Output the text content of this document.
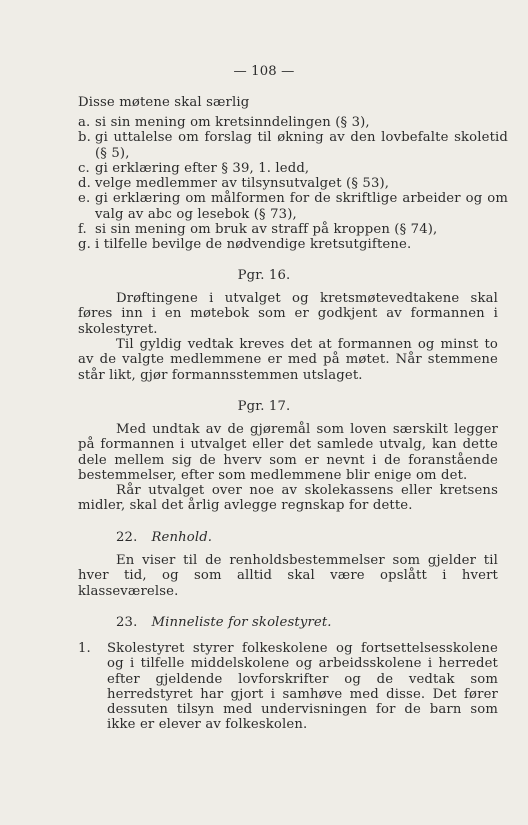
— 108 —
Disse møtene skal særlig
a. si sin mening om kretsinndelingen (§ 3),
b. gi uttalelse om forslag til økning av den lovbefalte skoletid (§ 5),
c. gi erklæring efter § 39, 1. ledd,
d. velge medlemmer av tilsynsutvalget (§ 53),
e. gi erklæring om målformen for de skriftlige arbeider og om valg av abc og lesebok (§ 73),
f. si sin mening om bruk av straff på kroppen (§ 74),
g. i tilfelle bevilge de nødvendige kretsutgiftene.
Pgr. 16.
Drøftingene i utvalget og kretsmøtevedtakene skal føres inn i en møtebok som er godkjent av formannen i skolestyret.
Til gyldig vedtak kreves det at formannen og minst to av de valgte medlemmene er med på møtet. Når stemmene står likt, gjør formannsstemmen utslaget.
Pgr. 17.
Med undtak av de gjøremål som loven særskilt legger på formannen i utvalget eller det samlede utvalg, kan dette dele mellem sig de hverv som er nevnt i de foranstående bestemmelser, efter som medlemmene blir enige om det.
Rår utvalget over noe av skolekassens eller kretsens midler, skal det årlig avlegge regnskap for dette.
22. Renhold.
En viser til de renholdsbestemmelser som gjelder til hver tid, og som alltid skal være opslått i hvert klasseværelse.
23. Minneliste for skolestyret.
1.	Skolestyret styrer folkeskolene og fortsettelsesskolene og i tilfelle middelskolene og arbeidsskolene i herredet efter gjeldende lovforskrifter og de vedtak som herredstyret har gjort i samhøve med disse. Det fører dessuten tilsyn med undervisningen for de barn som ikke er elever av folkeskolen.
